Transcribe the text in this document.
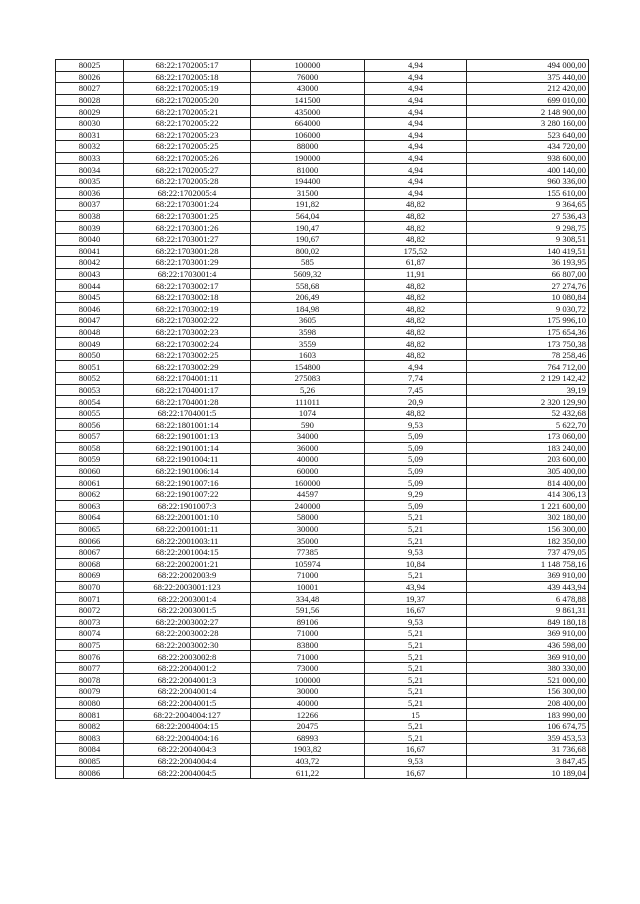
80025	68:22:1702005:17	100000	4,94	494 000,00
80026	68:22:1702005:18	76000	4,94	375 440,00
80027	68:22:1702005:19	43000	4,94	212 420,00
80028	68:22:1702005:20	141500	4,94	699 010,00
80029	68:22:1702005:21	435000	4,94	2 148 900,00
80030	68:22:1702005:22	664000	4,94	3 280 160,00
80031	68:22:1702005:23	106000	4,94	523 640,00
80032	68:22:1702005:25	88000	4,94	434 720,00
80033	68:22:1702005:26	190000	4,94	938 600,00
80034	68:22:1702005:27	81000	4,94	400 140,00
80035	68:22:1702005:28	194400	4,94	960 336,00
80036	68:22:1702005:4	31500	4,94	155 610,00
80037	68:22:1703001:24	191,82	48,82	9 364,65
80038	68:22:1703001:25	564,04	48,82	27 536,43
80039	68:22:1703001:26	190,47	48,82	9 298,75
80040	68:22:1703001:27	190,67	48,82	9 308,51
80041	68:22:1703001:28	800,02	175,52	140 419,51
80042	68:22:1703001:29	585	61,87	36 193,95
80043	68:22:1703001:4	5609,32	11,91	66 807,00
80044	68:22:1703002:17	558,68	48,82	27 274,76
80045	68:22:1703002:18	206,49	48,82	10 080,84
80046	68:22:1703002:19	184,98	48,82	9 030,72
80047	68:22:1703002:22	3605	48,82	175 996,10
80048	68:22:1703002:23	3598	48,82	175 654,36
80049	68:22:1703002:24	3559	48,82	173 750,38
80050	68:22:1703002:25	1603	48,82	78 258,46
80051	68:22:1703002:29	154800	4,94	764 712,00
80052	68:22:1704001:11	275083	7,74	2 129 142,42
80053	68:22:1704001:17	5,26	7,45	39,19
80054	68:22:1704001:28	111011	20,9	2 320 129,90
80055	68:22:1704001:5	1074	48,82	52 432,68
80056	68:22:1801001:14	590	9,53	5 622,70
80057	68:22:1901001:13	34000	5,09	173 060,00
80058	68:22:1901001:14	36000	5,09	183 240,00
80059	68:22:1901004:11	40000	5,09	203 600,00
80060	68:22:1901006:14	60000	5,09	305 400,00
80061	68:22:1901007:16	160000	5,09	814 400,00
80062	68:22:1901007:22	44597	9,29	414 306,13
80063	68:22:1901007:3	240000	5,09	1 221 600,00
80064	68:22:2001001:10	58000	5,21	302 180,00
80065	68:22:2001001:11	30000	5,21	156 300,00
80066	68:22:2001003:11	35000	5,21	182 350,00
80067	68:22:2001004:15	77385	9,53	737 479,05
80068	68:22:2002001:21	105974	10,84	1 148 758,16
80069	68:22:2002003:9	71000	5,21	369 910,00
80070	68:22:2003001:123	10001	43,94	439 443,94
80071	68:22:2003001:4	334,48	19,37	6 478,88
80072	68:22:2003001:5	591,56	16,67	9 861,31
80073	68:22:2003002:27	89106	9,53	849 180,18
80074	68:22:2003002:28	71000	5,21	369 910,00
80075	68:22:2003002:30	83800	5,21	436 598,00
80076	68:22:2003002:8	71000	5,21	369 910,00
80077	68:22:2004001:2	73000	5,21	380 330,00
80078	68:22:2004001:3	100000	5,21	521 000,00
80079	68:22:2004001:4	30000	5,21	156 300,00
80080	68:22:2004001:5	40000	5,21	208 400,00
80081	68:22:2004004:127	12266	15	183 990,00
80082	68:22:2004004:15	20475	5,21	106 674,75
80083	68:22:2004004:16	68993	5,21	359 453,53
80084	68:22:2004004:3	1903,82	16,67	31 736,68
80085	68:22:2004004:4	403,72	9,53	3 847,45
80086	68:22:2004004:5	611,22	16,67	10 189,04
